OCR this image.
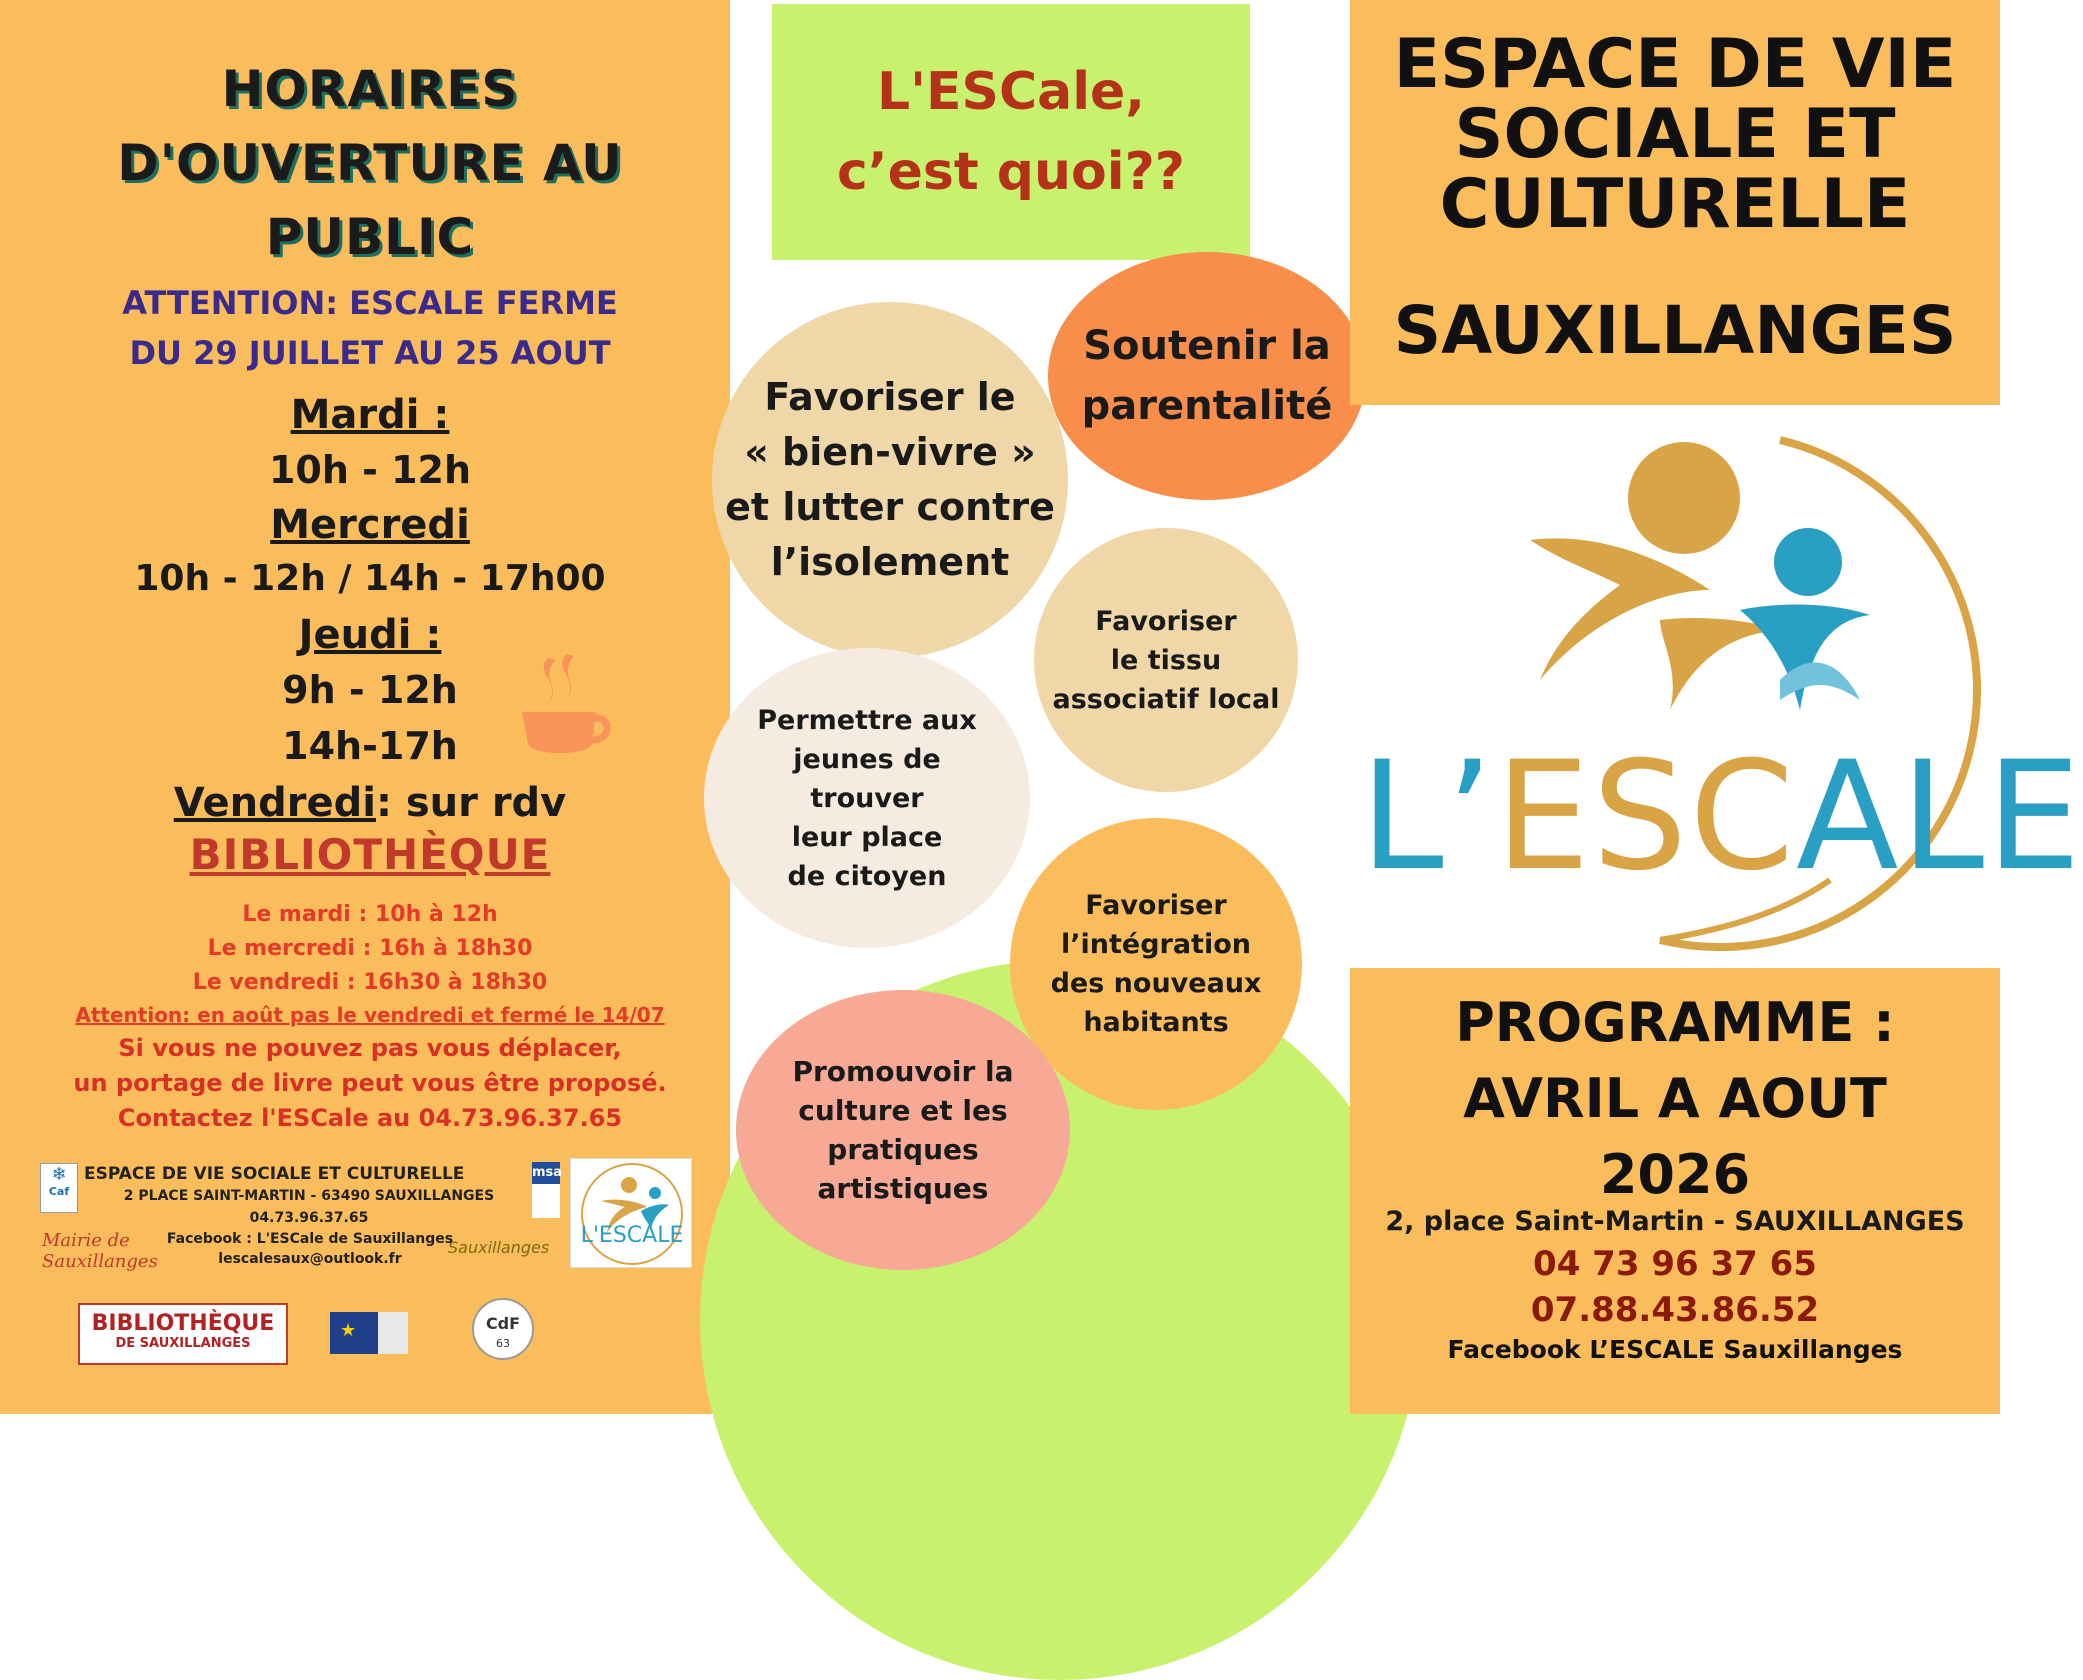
HORAIRES
D'OUVERTURE AU
PUBLIC
ATTENTION: ESCALE FERME
DU 29 JUILLET AU 25 AOUT
Mardi :
10h - 12h
Mercredi
10h - 12h / 14h - 17h00
Jeudi :
9h - 12h
14h-17h
Vendredi: sur rdv
BIBLIOTHÈQUE
Le mardi : 10h à 12h
Le mercredi : 16h à 18h30
Le vendredi : 16h30 à 18h30
Attention: en août pas le vendredi et fermé le 14/07
Si vous ne pouvez pas vous déplacer,
un portage de livre peut vous être proposé.
Contactez l'ESCale au 04.73.96.37.65
❄
Caf
ESPACE DE VIE SOCIALE ET CULTURELLE
2 PLACE SAINT-MARTIN - 63490 SAUXILLANGES
msa
04.73.96.37.65
Mairie de Sauxillanges
Facebook : L'ESCale de Sauxillanges
lescalesaux@outlook.fr
Sauxillanges	L'ESCALE
BIBLIOTHÈQUE
DE SAUXILLANGES
★	CdF
63
L'ESCale,
c’est quoi??
Favoriser le
« bien-vivre »
et lutter contre
l’isolement
Soutenir la
parentalité
Favoriser
le tissu
associatif local
Permettre aux
jeunes de
trouver
leur place
de citoyen
Favoriser
l’intégration
des nouveaux
habitants
Promouvoir la
culture et les
pratiques
artistiques
ESPACE DE VIE
SOCIALE ET
CULTURELLE
SAUXILLANGES
L’ESCALE
PROGRAMME :
AVRIL A AOUT
2026
2, place Saint-Martin - SAUXILLANGES
04 73 96 37 65
07.88.43.86.52
Facebook L’ESCALE Sauxillanges
